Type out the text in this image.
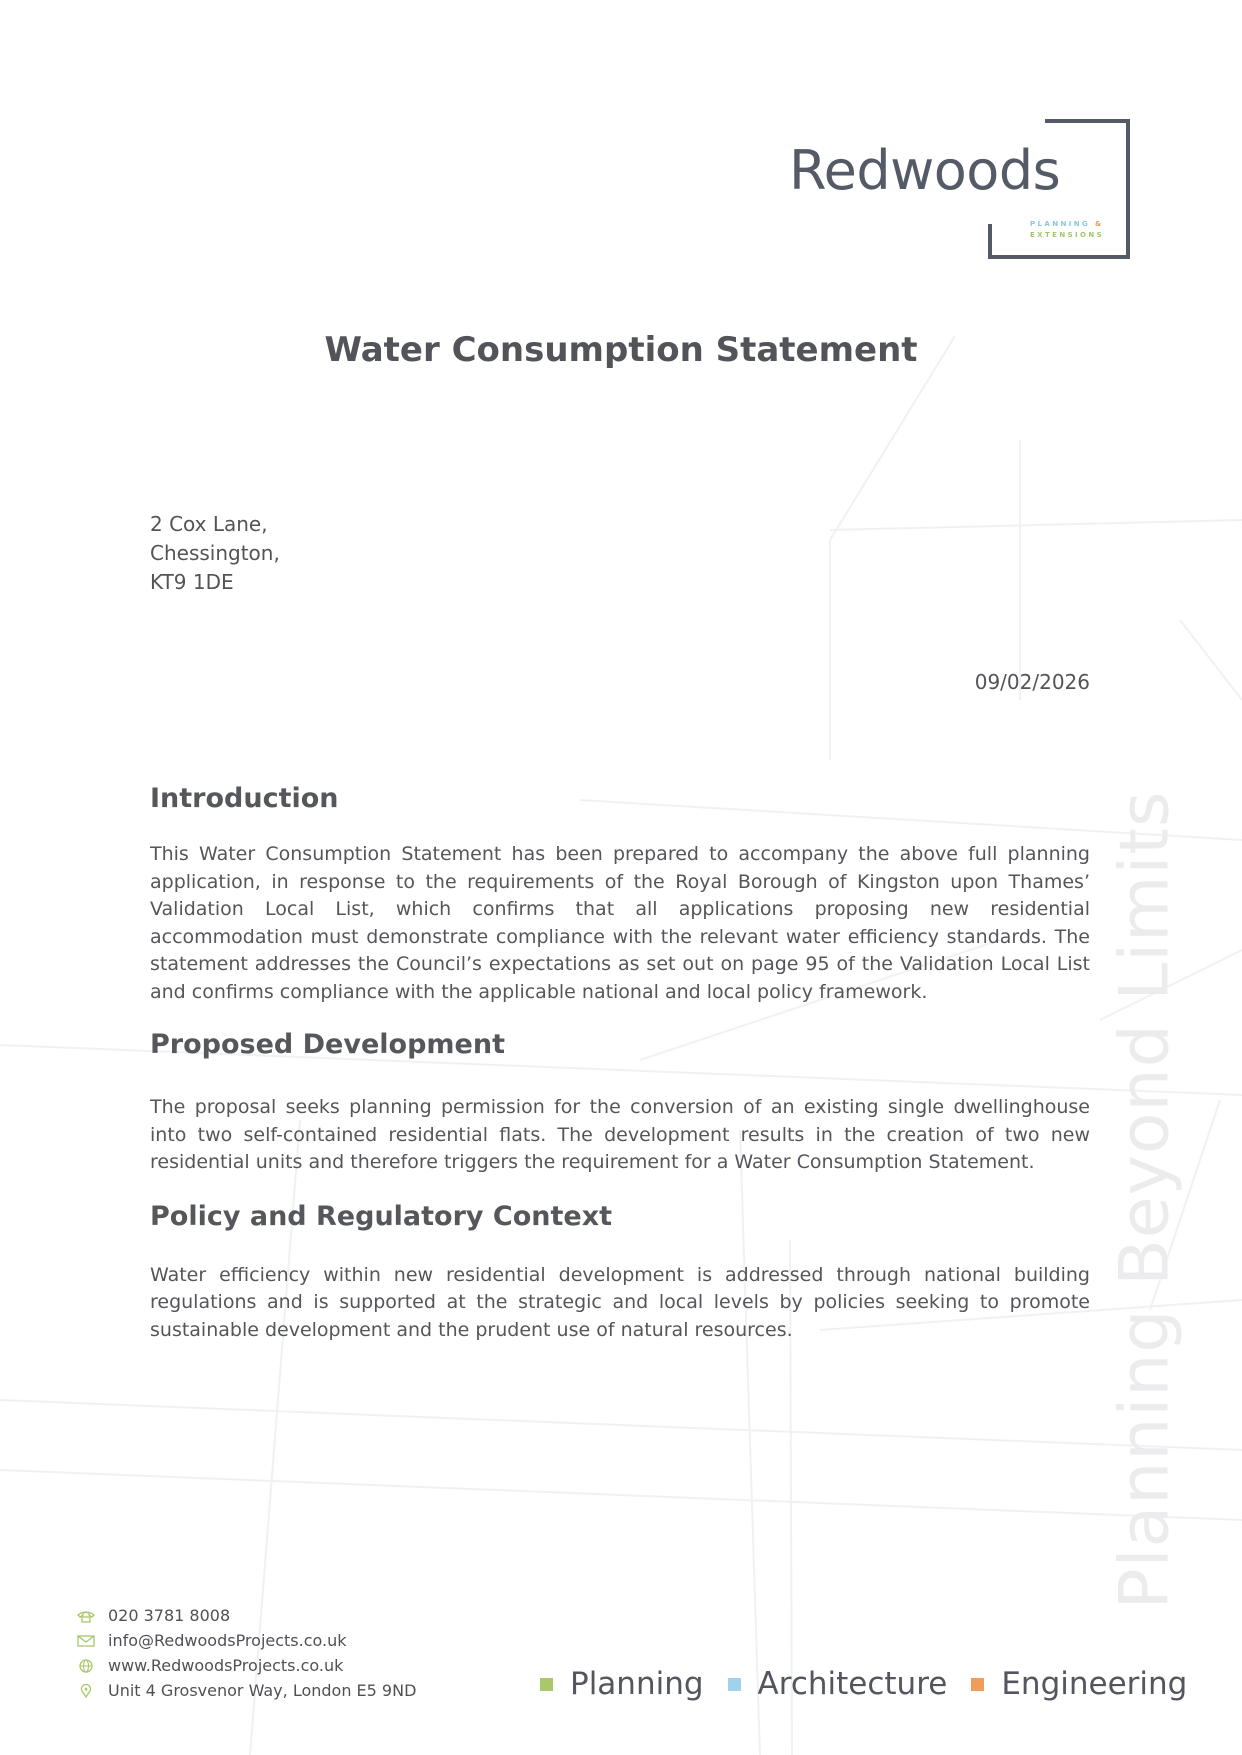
Redwoods
PLANNING &
EXTENSIONS
Water Consumption Statement
2 Cox Lane,
Chessington,
KT9 1DE
09/02/2026
Introduction

This Water Consumption Statement has been prepared to accompany the above full planning application, in response to the requirements of the Royal Borough of Kingston upon Thames’ Validation Local List, which confirms that all applications proposing new residential accommodation must demonstrate compliance with the relevant water efficiency standards. The statement addresses the Council’s expectations as set out on page 95 of the Validation Local List and confirms compliance with the applicable national and local policy framework.

Proposed Development

The proposal seeks planning permission for the conversion of an existing single dwellinghouse into two self-contained residential flats. The development results in the creation of two new residential units and therefore triggers the requirement for a Water Consumption Statement.

Policy and Regulatory Context

Water efficiency within new residential development is addressed through national building regulations and is supported at the strategic and local levels by policies seeking to promote sustainable development and the prudent use of natural resources.	Planning Beyond Limits
020 3781 8008
info@RedwoodsProjects.co.uk
www.RedwoodsProjects.co.uk
Unit 4 Grosvenor Way, London E5 9ND	Planning Architecture Engineering
